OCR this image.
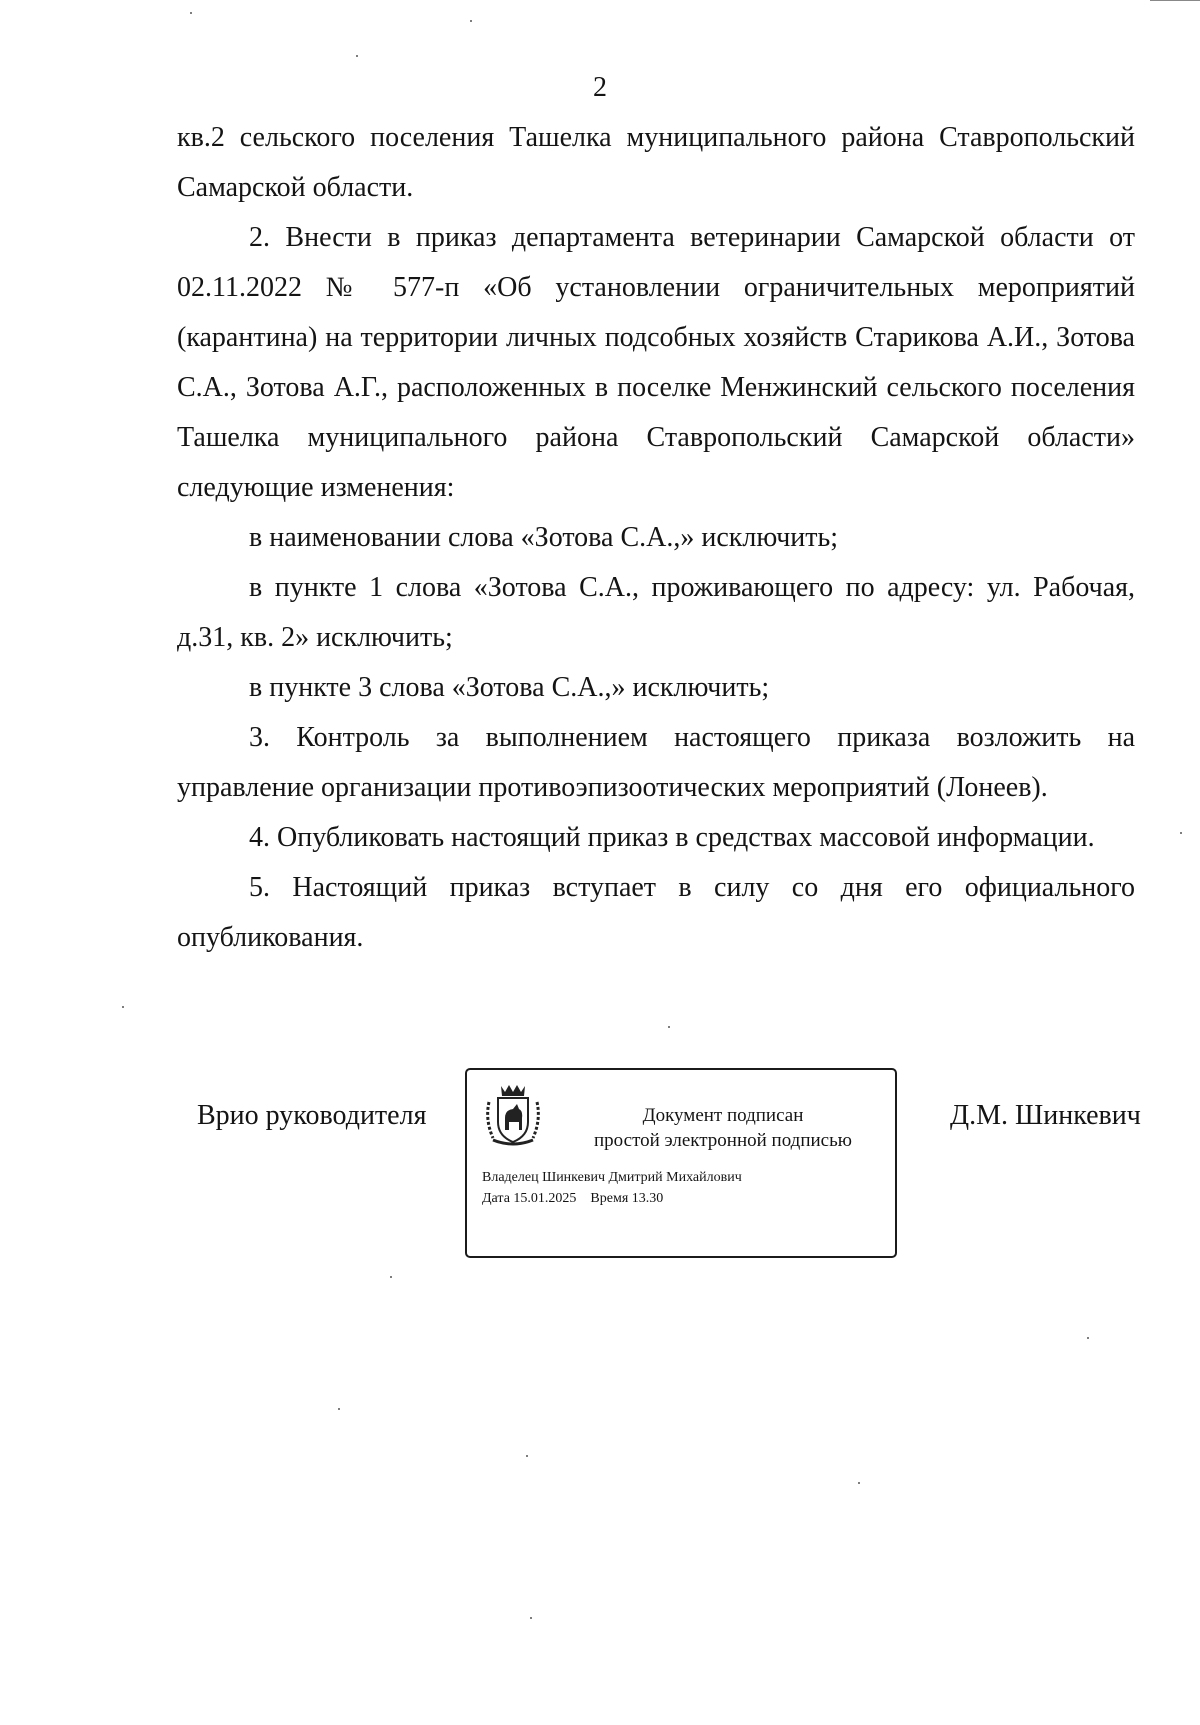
2

кв.2 сельского поселения Ташелка муниципального района Ставропольский Самарской области.

2. Внести в приказ департамента ветеринарии Самарской области от 02.11.2022 № 577-п «Об установлении ограничительных мероприятий (карантина) на территории личных подсобных хозяйств Старикова А.И., Зотова С.А., Зотова А.Г., расположенных в поселке Менжинский сельского поселения Ташелка муниципального района Ставропольский Самарской области» следующие изменения:

в наименовании слова «Зотова С.А.,» исключить;

в пункте 1 слова «Зотова С.А., проживающего по адресу: ул. Рабочая, д.31, кв. 2» исключить;

в пункте 3 слова «Зотова С.А.,» исключить;

3. Контроль за выполнением настоящего приказа возложить на управление организации противоэпизоотических мероприятий (Лонеев).

4. Опубликовать настоящий приказ в средствах массовой информации.

5. Настоящий приказ вступает в силу со дня его официального опубликования.

Врио руководителя	Документ подписан
простой электронной подписью
Владелец Шинкевич Дмитрий Михайлович
Дата 15.01.2025    Время 13.30
Д.М. Шинкевич
